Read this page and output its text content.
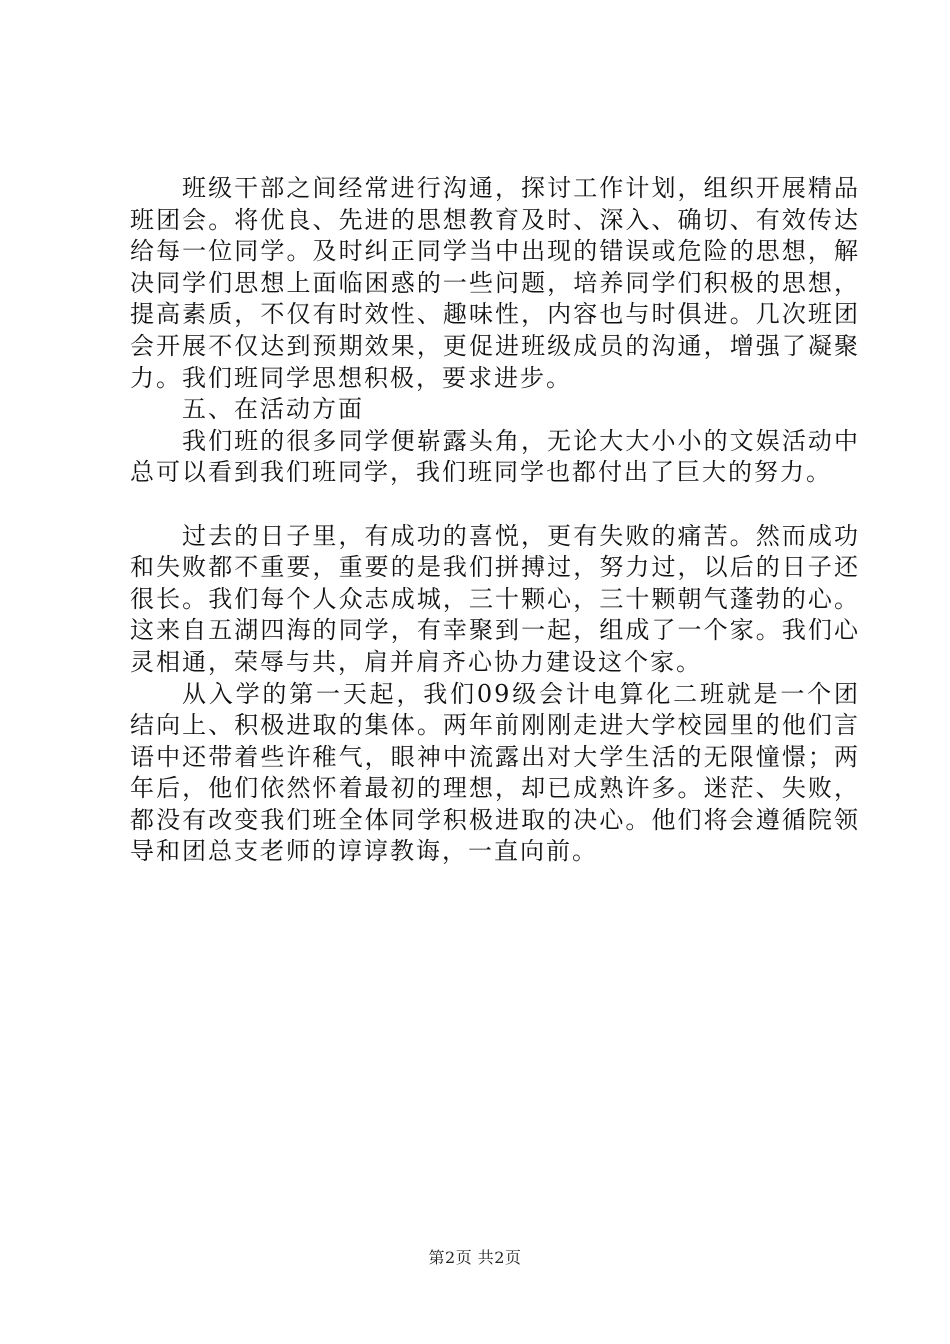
班级干部之间经常进行沟通，探讨工作计划，组织开展精品班团会。将优良、先进的思想教育及时、深入、确切、有效传达给每一位同学。及时纠正同学当中出现的错误或危险的思想，解决同学们思想上面临困惑的一些问题，培养同学们积极的思想，提高素质，不仅有时效性、趣味性，内容也与时俱进。几次班团会开展不仅达到预期效果，更促进班级成员的沟通，增强了凝聚力。我们班同学思想积极，要求进步。

五、在活动方面

我们班的很多同学便崭露头角，无论大大小小的文娱活动中总可以看到我们班同学，我们班同学也都付出了巨大的努力。

过去的日子里，有成功的喜悦，更有失败的痛苦。然而成功和失败都不重要，重要的是我们拼搏过，努力过，以后的日子还很长。我们每个人众志成城，三十颗心，三十颗朝气蓬勃的心。这来自五湖四海的同学，有幸聚到一起，组成了一个家。我们心灵相通，荣辱与共，肩并肩齐心协力建设这个家。

从入学的第一天起，我们09级会计电算化二班就是一个团结向上、积极进取的集体。两年前刚刚走进大学校园里的他们言语中还带着些许稚气，眼神中流露出对大学生活的无限憧憬；两年后，他们依然怀着最初的理想，却已成熟许多。迷茫、失败，都没有改变我们班全体同学积极进取的决心。他们将会遵循院领导和团总支老师的谆谆教诲，一直向前。

第2页 共2页
